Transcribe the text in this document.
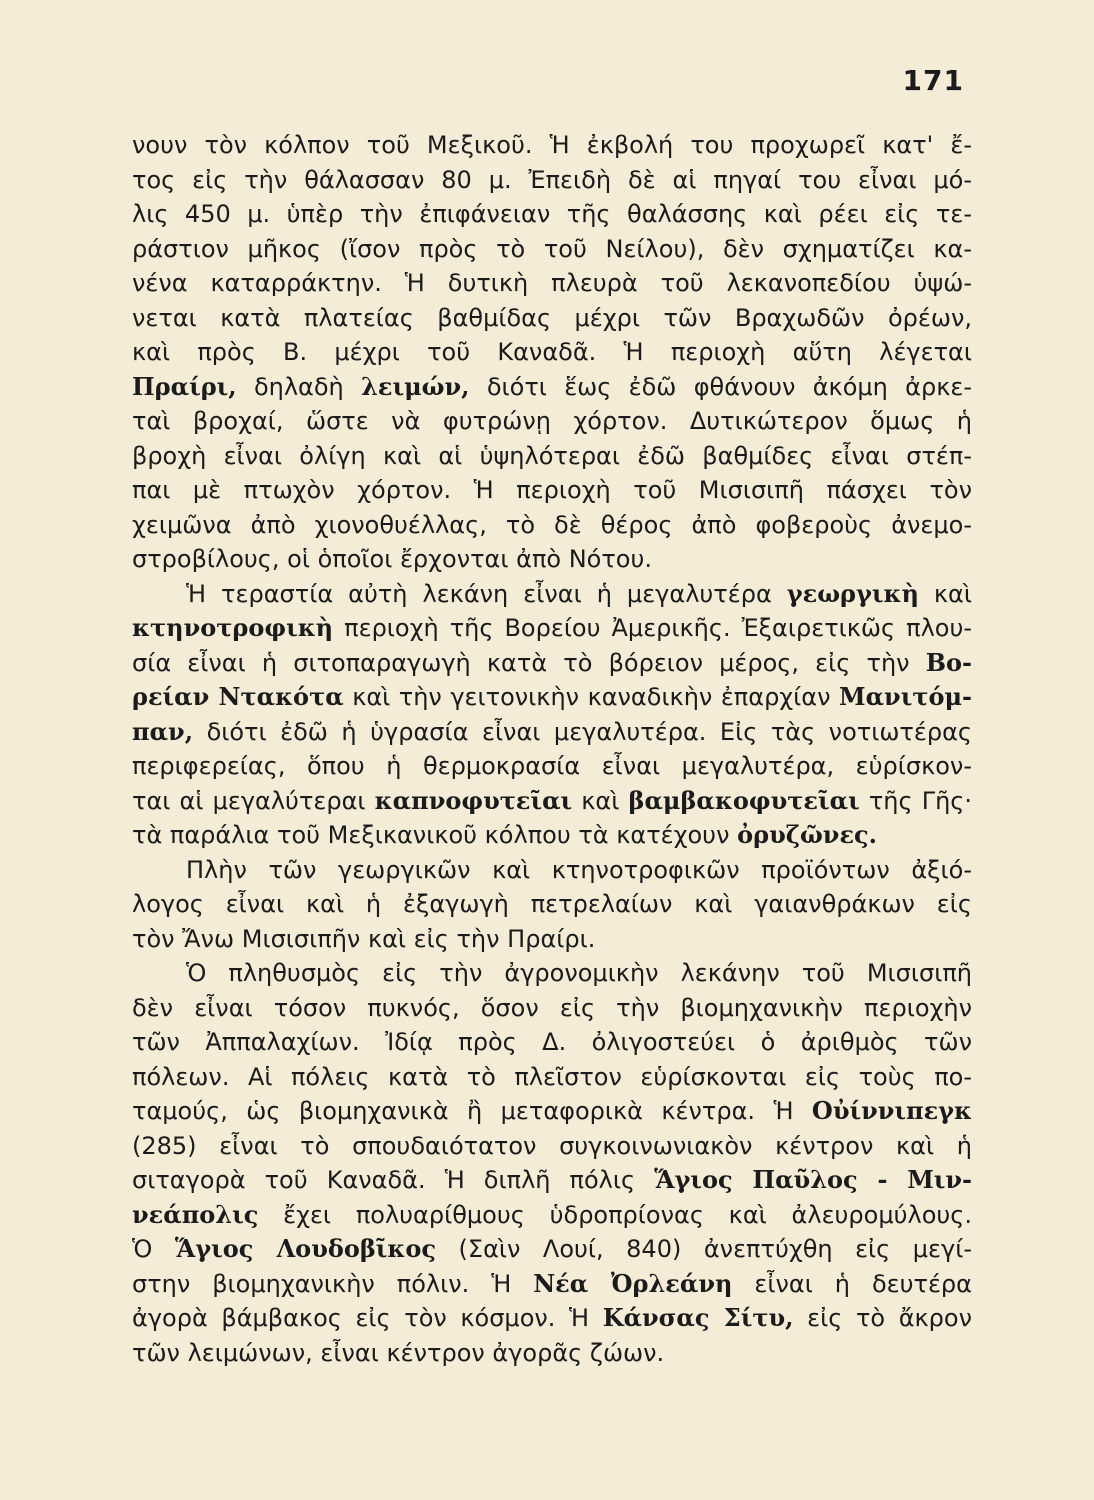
171
νουν τὸν κόλπον τοῦ Μεξικοῦ. Ἡ ἐκβολή του προχωρεῖ κατ' ἔ-
τος εἰς τὴν θάλασσαν 80 μ. Ἐπειδὴ δὲ αἱ πηγαί του εἶναι μό-
λις 450 μ. ὑπὲρ τὴν ἐπιφάνειαν τῆς θαλάσσης καὶ ρέει εἰς τε-
ράστιον μῆκος (ἴσον πρὸς τὸ τοῦ Νείλου), δὲν σχηματίζει κα-
νένα καταρράκτην. Ἡ δυτικὴ πλευρὰ τοῦ λεκανοπεδίου ὑψώ-
νεται κατὰ πλατείας βαθμίδας μέχρι τῶν Βραχωδῶν ὀρέων,
καὶ πρὸς Β. μέχρι τοῦ Καναδᾶ. Ἡ περιοχὴ αὕτη λέγεται
Πραίρι, δηλαδὴ λειμών, διότι ἕως ἐδῶ φθάνουν ἀκόμη ἀρκε-
ταὶ βροχαί, ὥστε νὰ φυτρώνῃ χόρτον. Δυτικώτερον ὅμως ἡ
βροχὴ εἶναι ὀλίγη καὶ αἱ ὑψηλότεραι ἐδῶ βαθμίδες εἶναι στέπ-
παι μὲ πτωχὸν χόρτον. Ἡ περιοχὴ τοῦ Μισισιπῆ πάσχει τὸν
χειμῶνα ἀπὸ χιονοθυέλλας, τὸ δὲ θέρος ἀπὸ φοβεροὺς ἀνεμο-
στροβίλους, οἱ ὁποῖοι ἔρχονται ἀπὸ Νότου.
Ἡ τεραστία αὐτὴ λεκάνη εἶναι ἡ μεγαλυτέρα γεωργικὴ καὶ
κτηνοτροφικὴ περιοχὴ τῆς Βορείου Ἀμερικῆς. Ἐξαιρετικῶς πλου-
σία εἶναι ἡ σιτοπαραγωγὴ κατὰ τὸ βόρειον μέρος, εἰς τὴν Βο-
ρείαν Ντακότα καὶ τὴν γειτονικὴν καναδικὴν ἐπαρχίαν Μανιτόμ-
παν, διότι ἐδῶ ἡ ὑγρασία εἶναι μεγαλυτέρα. Εἰς τὰς νοτιωτέρας
περιφερείας, ὅπου ἡ θερμοκρασία εἶναι μεγαλυτέρα, εὑρίσκον-
ται αἱ μεγαλύτεραι καπνοφυτεῖαι καὶ βαμβακοφυτεῖαι τῆς Γῆς·
τὰ παράλια τοῦ Μεξικανικοῦ κόλπου τὰ κατέχουν ὀρυζῶνες.
Πλὴν τῶν γεωργικῶν καὶ κτηνοτροφικῶν προϊόντων ἀξιό-
λογος εἶναι καὶ ἡ ἐξαγωγὴ πετρελαίων καὶ γαιανθράκων εἰς
τὸν Ἄνω Μισισιπῆν καὶ εἰς τὴν Πραίρι.
Ὁ πληθυσμὸς εἰς τὴν ἀγρονομικὴν λεκάνην τοῦ Μισισιπῆ
δὲν εἶναι τόσον πυκνός, ὅσον εἰς τὴν βιομηχανικὴν περιοχὴν
τῶν Ἀππαλαχίων. Ἰδίᾳ πρὸς Δ. ὀλιγοστεύει ὁ ἀριθμὸς τῶν
πόλεων. Αἱ πόλεις κατὰ τὸ πλεῖστον εὑρίσκονται εἰς τοὺς πο-
ταμούς, ὡς βιομηχανικὰ ἢ μεταφορικὰ κέντρα. Ἡ Οὐίννιπεγκ
(285) εἶναι τὸ σπουδαιότατον συγκοινωνιακὸν κέντρον καὶ ἡ
σιταγορὰ τοῦ Καναδᾶ. Ἡ διπλῆ πόλις Ἅγιος Παῦλος - Μιν-
νεάπολις ἔχει πολυαρίθμους ὑδροπρίονας καὶ ἀλευρομύλους.
Ὁ Ἅγιος Λουδοβῖκος (Σαὶν Λουί, 840) ἀνεπτύχθη εἰς μεγί-
στην βιομηχανικὴν πόλιν. Ἡ Νέα Ὀρλεάνη εἶναι ἡ δευτέρα
ἀγορὰ βάμβακος εἰς τὸν κόσμον. Ἡ Κάνσας Σίτυ, εἰς τὸ ἄκρον
τῶν λειμώνων, εἶναι κέντρον ἀγορᾶς ζώων.
